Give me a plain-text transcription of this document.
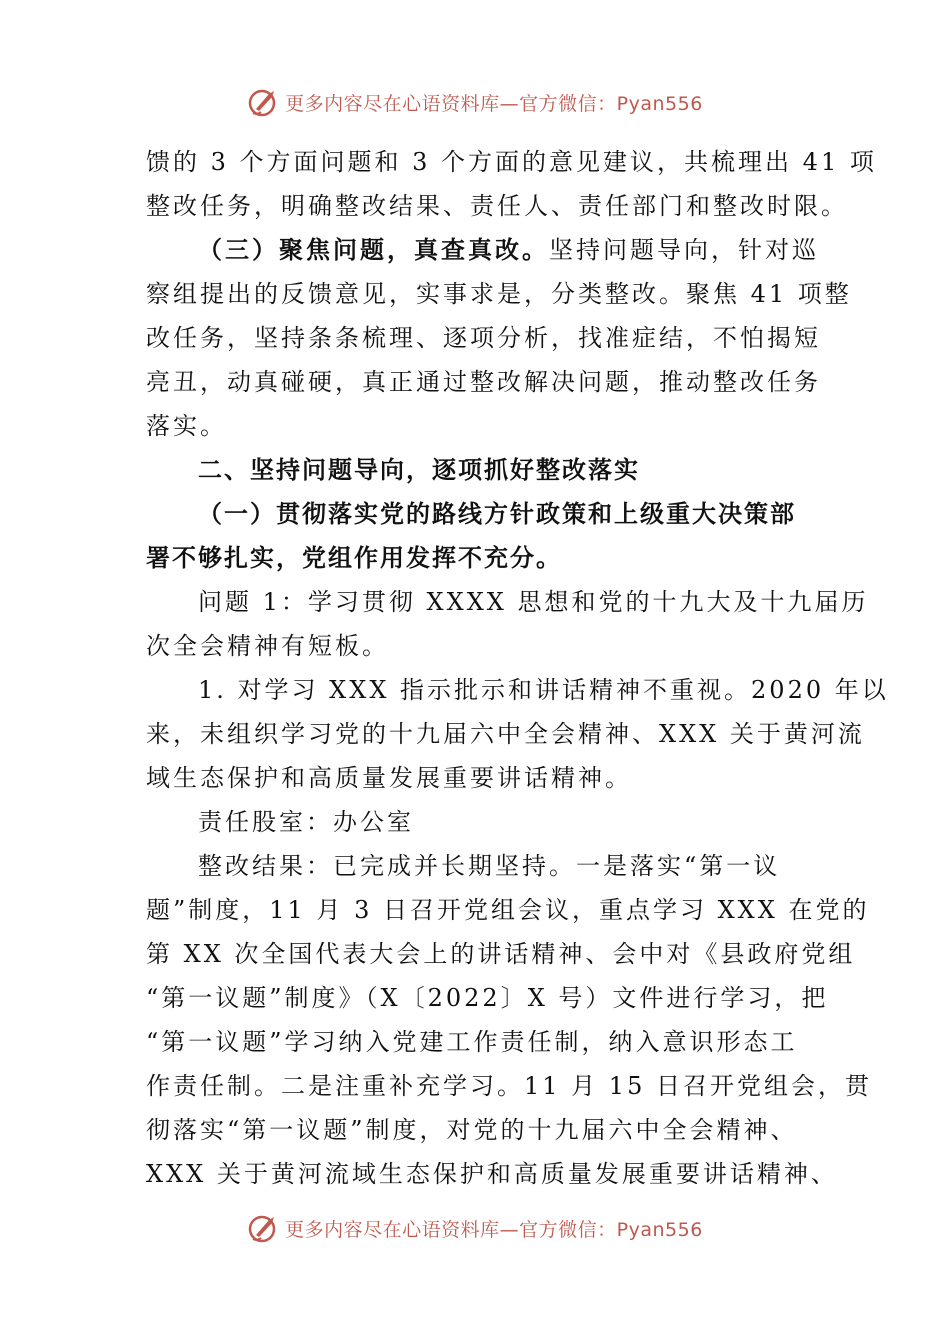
更多内容尽在心语资料库—官方微信：Pyan556
馈的 3 个方面问题和 3 个方面的意见建议，共梳理出 41 项
整改任务，明确整改结果、责任人、责任部门和整改时限。
（三）聚焦问题，真查真改。坚持问题导向，针对巡
察组提出的反馈意见，实事求是，分类整改。聚焦 41 项整
改任务，坚持条条梳理、逐项分析，找准症结，不怕揭短
亮丑，动真碰硬，真正通过整改解决问题，推动整改任务
落实。
二、坚持问题导向，逐项抓好整改落实
（一）贯彻落实党的路线方针政策和上级重大决策部
署不够扎实，党组作用发挥不充分。
问题 1：学习贯彻 XXXX 思想和党的十九大及十九届历
次全会精神有短板。
1. 对学习 XXX 指示批示和讲话精神不重视。2020 年以
来，未组织学习党的十九届六中全会精神、XXX 关于黄河流
域生态保护和高质量发展重要讲话精神。
责任股室：办公室
整改结果：已完成并长期坚持。一是落实“第一议
题”制度，11 月 3 日召开党组会议，重点学习 XXX 在党的
第 XX 次全国代表大会上的讲话精神、会中对《县政府党组
“第一议题”制度》（X〔2022〕X 号）文件进行学习，把
“第一议题”学习纳入党建工作责任制，纳入意识形态工
作责任制。二是注重补充学习。11 月 15 日召开党组会，贯
彻落实“第一议题”制度，对党的十九届六中全会精神、
XXX 关于黄河流域生态保护和高质量发展重要讲话精神、
更多内容尽在心语资料库—官方微信：Pyan556
